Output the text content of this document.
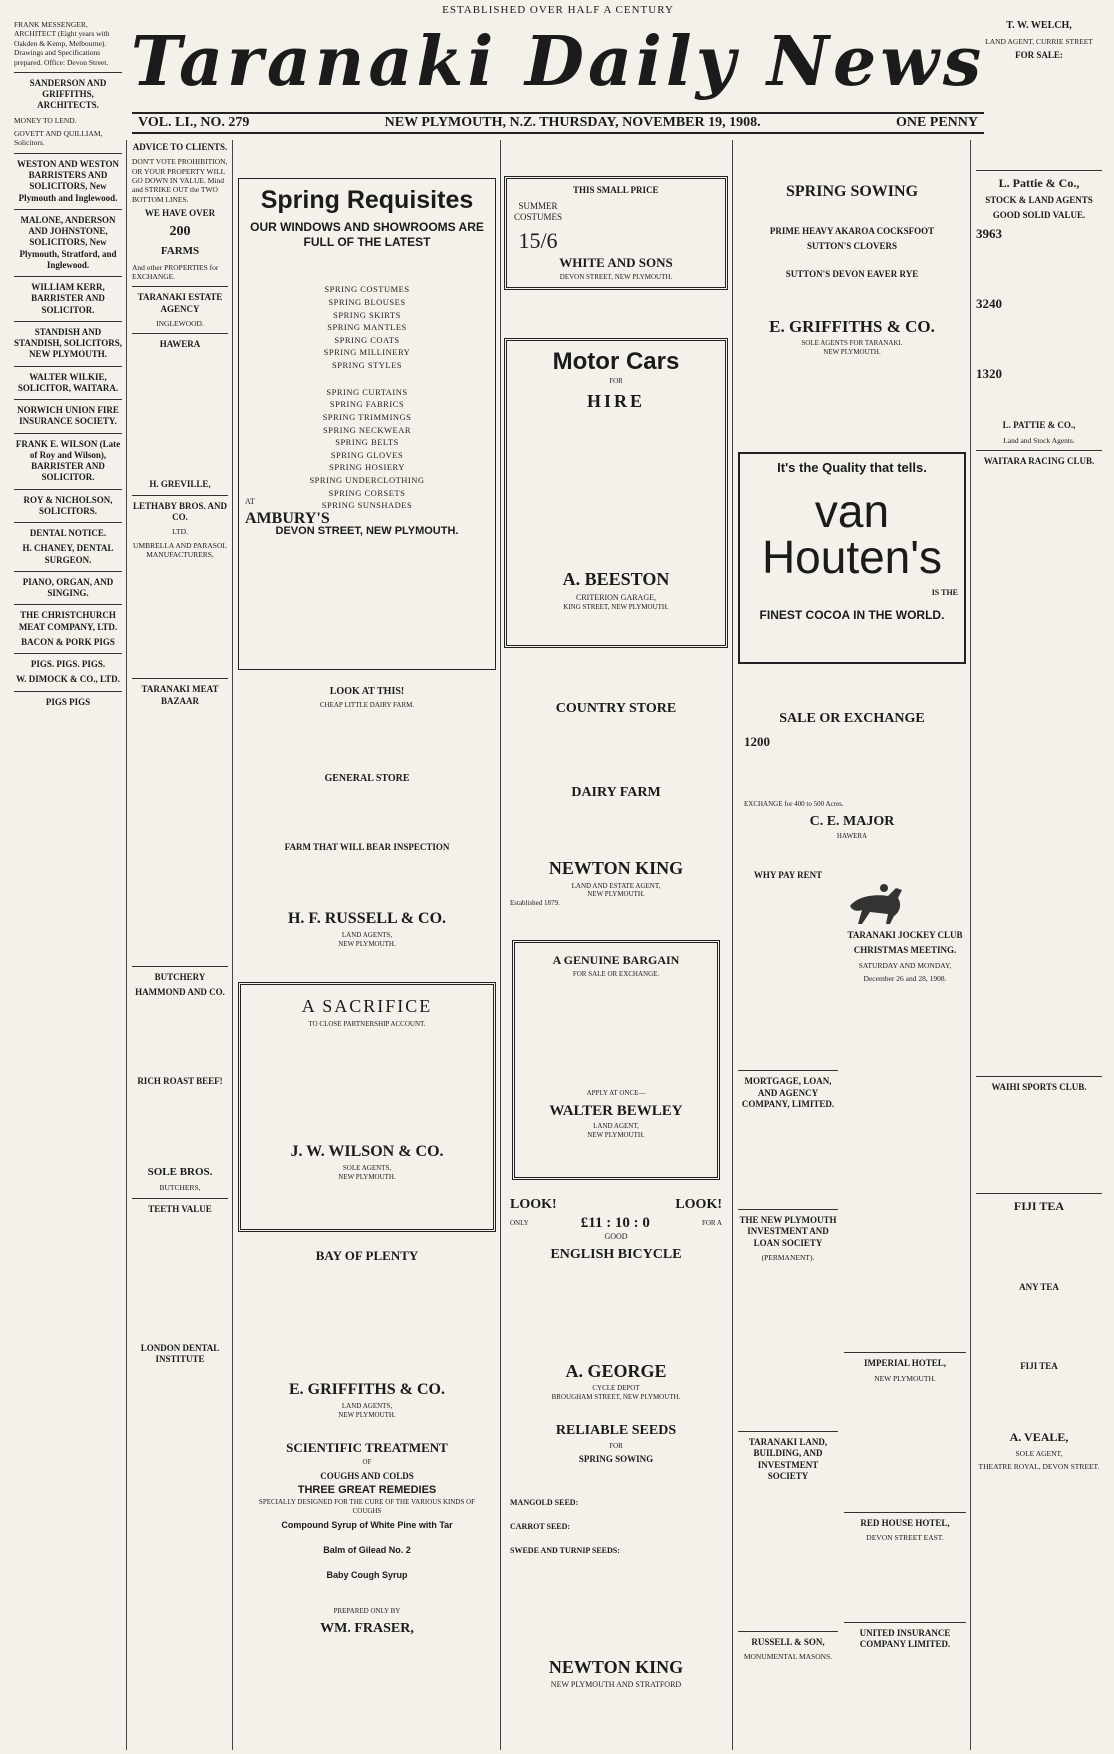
ESTABLISHED OVER HALF A CENTURY
Taranaki Daily News
VOL. LI., NO. 279	NEW PLYMOUTH, N.Z. THURSDAY, NOVEMBER 19, 1908.	ONE PENNY

FRANK MESSENGER, ARCHITECT (Eight years with Oakden & Kemp, Melbourne). Drawings and Specifications prepared. Office: Devon Street.

SANDERSON AND GRIFFITHS, ARCHITECTS.

MONEY TO LEND.

GOVETT AND QUILLIAM, Solicitors.

WESTON AND WESTON BARRISTERS AND SOLICITORS, New Plymouth and Inglewood.

MALONE, ANDERSON AND JOHNSTONE, SOLICITORS, New Plymouth, Stratford, and Inglewood.

WILLIAM KERR, BARRISTER AND SOLICITOR.

STANDISH AND STANDISH, SOLICITORS, NEW PLYMOUTH.

WALTER WILKIE, SOLICITOR, WAITARA.

NORWICH UNION FIRE INSURANCE SOCIETY.

FRANK E. WILSON (Late of Roy and Wilson), BARRISTER AND SOLICITOR.

ROY & NICHOLSON, SOLICITORS.

DENTAL NOTICE.

H. CHANEY, DENTAL SURGEON.

PIANO, ORGAN, AND SINGING.

THE CHRISTCHURCH MEAT COMPANY, LTD.

BACON & PORK PIGS

PIGS. PIGS. PIGS.

W. DIMOCK & CO., LTD.

PIGS PIGS

ADVICE TO CLIENTS.

DON'T VOTE PROHIBITION, OR YOUR PROPERTY WILL GO DOWN IN VALUE. Mind and STRIKE OUT the TWO BOTTOM LINES.

WE HAVE OVER

200

FARMS

And other PROPERTIES for EXCHANGE.

TARANAKI ESTATE AGENCY

INGLEWOOD.

HAWERA

H. GREVILLE,

LETHABY BROS. AND CO.

LTD.

UMBRELLA AND PARASOL MANUFACTURERS,

TARANAKI MEAT BAZAAR

BUTCHERY

HAMMOND AND CO.

RICH ROAST BEEF!

SOLE BROS.

BUTCHERS,

TEETH VALUE

LONDON DENTAL INSTITUTE

Spring Requisites
OUR WINDOWS AND SHOWROOMS ARE FULL OF THE LATEST
SPRING COSTUMES
SPRING BLOUSES
SPRING SKIRTS
SPRING MANTLES
SPRING COATS
SPRING MILLINERY
SPRING STYLES
AT
AMBURY'S
SPRING CURTAINS
SPRING FABRICS
SPRING TRIMMINGS
SPRING NECKWEAR
SPRING BELTS
SPRING GLOVES
SPRING HOSIERY
SPRING UNDERCLOTHING
SPRING CORSETS
SPRING SUNSHADES
DEVON STREET, NEW PLYMOUTH.
LOOK AT THIS!
CHEAP LITTLE DAIRY FARM.
GENERAL STORE
FARM THAT WILL BEAR INSPECTION
H. F. RUSSELL & CO.
LAND AGENTS,
NEW PLYMOUTH.
A SACRIFICE
TO CLOSE PARTNERSHIP ACCOUNT.
J. W. WILSON & CO.
SOLE AGENTS,
NEW PLYMOUTH.
BAY OF PLENTY
E. GRIFFITHS & CO.
LAND AGENTS,
NEW PLYMOUTH.
SCIENTIFIC TREATMENT
OF
COUGHS AND COLDS
THREE GREAT REMEDIES
SPECIALLY DESIGNED FOR THE CURE OF THE VARIOUS KINDS OF COUGHS
Compound Syrup of White Pine with Tar
Balm of Gilead No. 2
Baby Cough Syrup
PREPARED ONLY BY
WM. FRASER,
SUMMER COSTUMES
15/6
THIS SMALL PRICE
WHITE AND SONS
DEVON STREET, NEW PLYMOUTH.
Motor Cars
FOR
HIRE
A. BEESTON
CRITERION GARAGE,
KING STREET, NEW PLYMOUTH.
COUNTRY STORE
DAIRY FARM
NEWTON KING
LAND AND ESTATE AGENT,
NEW PLYMOUTH.
Established 1879.
A GENUINE BARGAIN
FOR SALE OR EXCHANGE.
APPLY AT ONCE—
WALTER BEWLEY
LAND AGENT,
NEW PLYMOUTH.
LOOK!	LOOK!
ONLY	£11 : 10 : 0	FOR A
GOOD
ENGLISH BICYCLE
A. GEORGE
CYCLE DEPOT
BROUGHAM STREET, NEW PLYMOUTH.
RELIABLE SEEDS
FOR
SPRING SOWING
MANGOLD SEED:
CARROT SEED:
SWEDE AND TURNIP SEEDS:
NEWTON KING
NEW PLYMOUTH AND STRATFORD
SPRING SOWING
PRIME HEAVY AKAROA COCKSFOOT
SUTTON'S CLOVERS
SUTTON'S DEVON EAVER RYE
E. GRIFFITHS & CO.
SOLE AGENTS FOR TARANAKI.
NEW PLYMOUTH.
It's the Quality that tells.
van
Houten's
IS THE
FINEST COCOA IN THE WORLD.
SALE OR EXCHANGE
1200
EXCHANGE for 400 to 500 Acres.
C. E. MAJOR
HAWERA

WHY PAY RENT

MORTGAGE, LOAN, AND AGENCY COMPANY, LIMITED.

THE NEW PLYMOUTH INVESTMENT AND LOAN SOCIETY

(PERMANENT).

TARANAKI LAND, BUILDING, AND INVESTMENT SOCIETY

RUSSELL & SON,

MONUMENTAL MASONS.

TARANAKI JOCKEY CLUB

CHRISTMAS MEETING.

SATURDAY AND MONDAY,

December 26 and 28, 1908.

IMPERIAL HOTEL,

NEW PLYMOUTH.

RED HOUSE HOTEL,

DEVON STREET EAST.

UNITED INSURANCE COMPANY LIMITED.

T. W. WELCH,

LAND AGENT, CURRIE STREET

FOR SALE:

L. Pattie & Co.,

STOCK & LAND AGENTS

GOOD SOLID VALUE.

3963

3240

1320

L. PATTIE & CO.,

Land and Stock Agents.

WAITARA RACING CLUB.

WAIHI SPORTS CLUB.

FIJI TEA

ANY TEA

FIJI TEA

A. VEALE,

SOLE AGENT,

THEATRE ROYAL, DEVON STREET.
